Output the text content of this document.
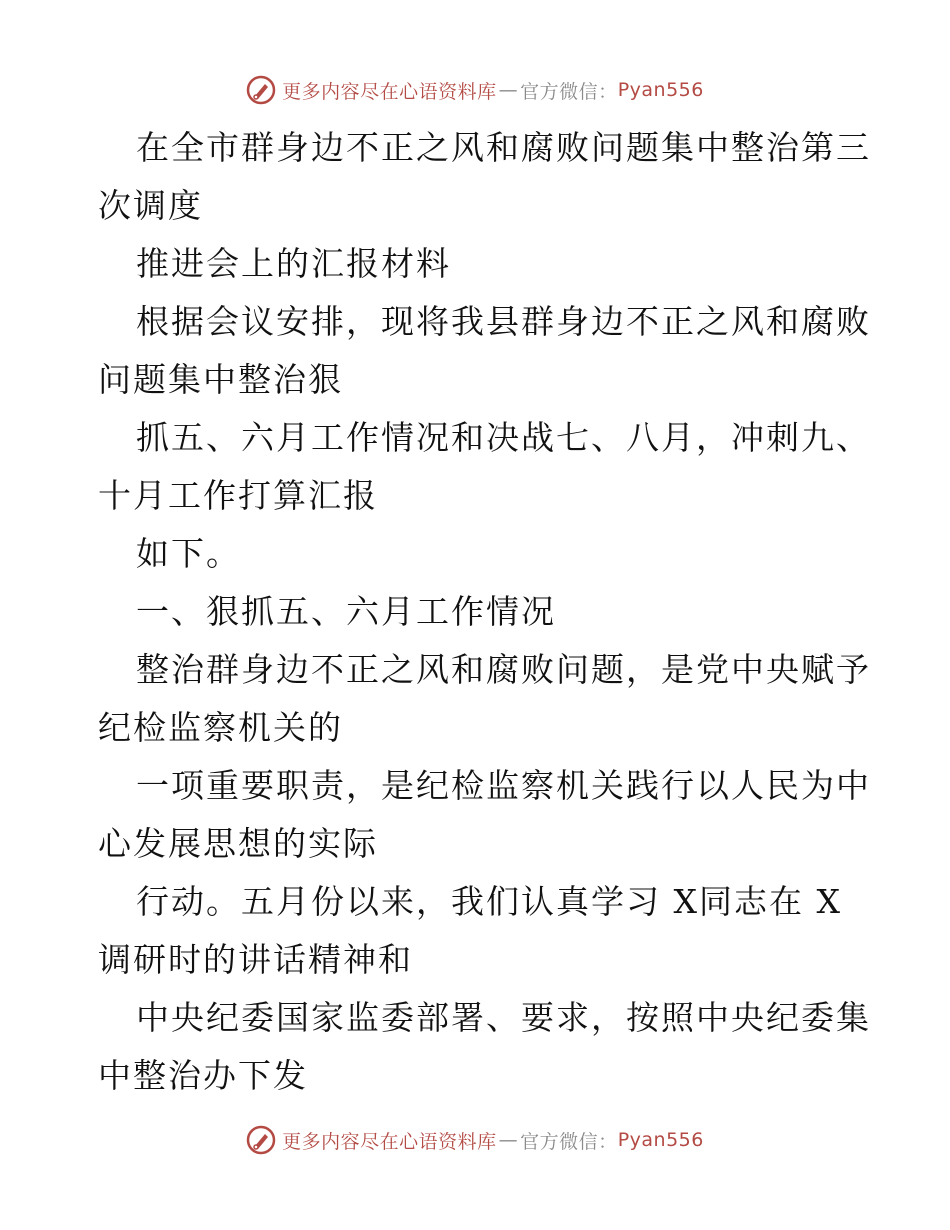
更多内容尽在心语资料库 — 官方微信： Pyan556
在全市群身边不正之风和腐败问题集中整治第三
次调度
推进会上的汇报材料
根据会议安排，现将我县群身边不正之风和腐败
问题集中整治狠
抓五、六月工作情况和决战七、八月，冲刺九、
十月工作打算汇报
如下。
一、狠抓五、六月工作情况
整治群身边不正之风和腐败问题，是党中央赋予
纪检监察机关的
一项重要职责，是纪检监察机关践行以人民为中
心发展思想的实际
行动。五月份以来，我们认真学习 X同志在 X
调研时的讲话精神和
中央纪委国家监委部署、要求，按照中央纪委集
中整治办下发
更多内容尽在心语资料库 — 官方微信： Pyan556
